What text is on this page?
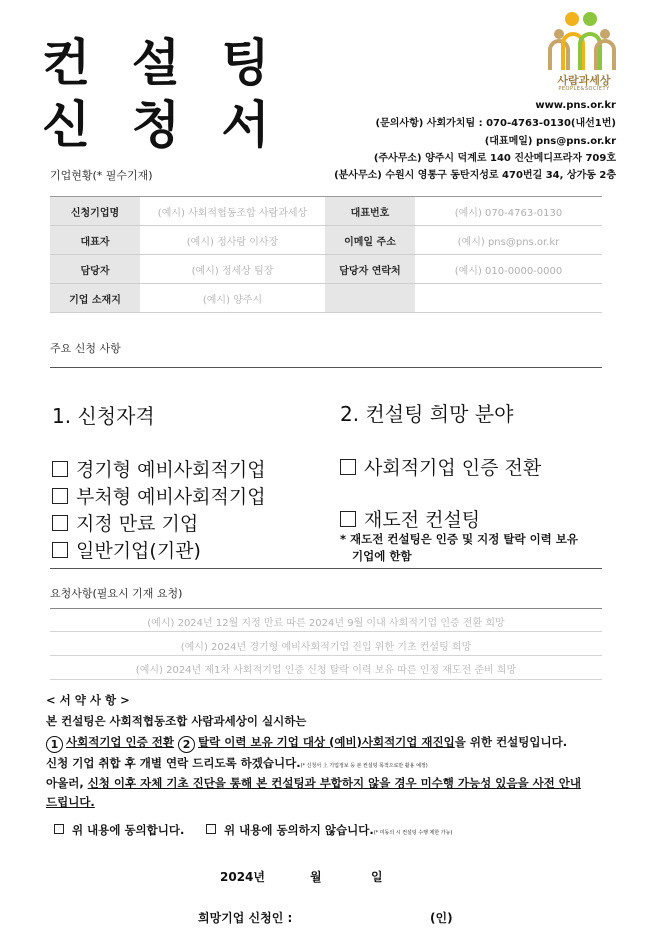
컨 설 팅
신 청 서
사람과세상
PEOPLE&SOCIETY
www.pns.or.kr
(문의사항) 사회가치팀 : 070-4763-0130(내선1번)
(대표메일) pns@pns.or.kr
(주사무소) 양주시 덕계로 140 진산메디프라자 709호
(분사무소) 수원시 영통구 동탄지성로 470번길 34, 상가동 2층
기업현황(* 필수기재)
신청기업명	(예시) 사회적협동조합 사람과세상	대표번호	(예시) 070-4763-0130
대표자	(예시) 정사람 이사장	이메일 주소	(예시) pns@pns.or.kr
담당자	(예시) 정세상 팀장	담당자 연락처	(예시) 010-0000-0000
기업 소재지	(예시) 양주시		
주요 신청 사항
1. 신청자격	2. 컨설팅 희망 분야
경기형 예비사회적기업
부처형 예비사회적기업
지정 만료 기업
일반기업(기관)
사회적기업 인증 전환
재도전 컨설팅
* 재도전 컨설팅은 인증 및 지정 탈락 이력 보유
기업에 한함
요청사항(필요시 기재 요청)
(예시) 2024년 12월 지정 만료 따른 2024년 9월 이내 사회적기업 인증 전환 희망
(예시) 2024년 경기형 예비사회적기업 진입 위한 기초 컨설팅 희망
(예시) 2024년 제1차 사회적기업 인증 신청 탈락 이력 보유 따른 인정 재도전 준비 희망
< 서 약 사 항 >
본 컨설팅은 사회적협동조합 사람과세상이 실시하는
1 사회적기업 인증 전환 2 탈락 이력 보유 기업 대상 (예비)사회적기업 재진입을 위한 컨설팅입니다.
신청 기업 취합 후 개별 연락 드리도록 하겠습니다.(* 신청서 上 기업정보 등 본 컨설팅 목적으로만 활용 예정)
아울러, 신청 이후 자체 기초 진단을 통해 본 컨설팅과 부합하지 않을 경우 미수행 가능성 있음을 사전 안내
드립니다.
위 내용에 동의합니다.	위 내용에 동의하지 않습니다.(* 미동의 시 컨설팅 수행 제한 가능)
2024년	월	일
희망기업 신청인 :	(인)
